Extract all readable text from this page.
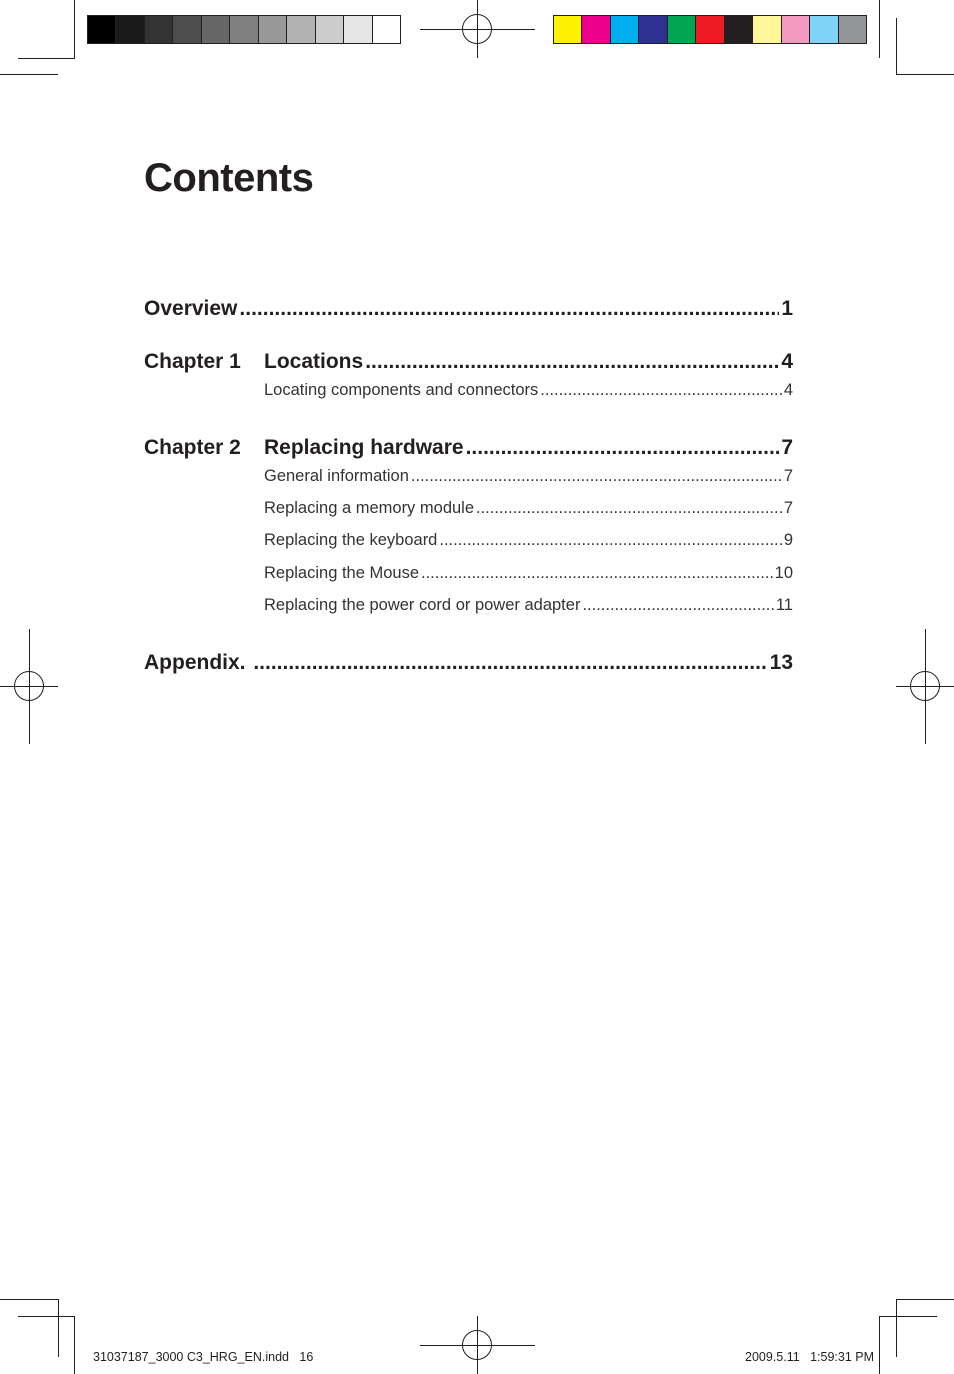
Contents
Overview .....	1
Chapter 1 Locations .....	4
Locating components and connectors .....	4
Chapter 2 Replacing hardware .....	7
General information .....	7
Replacing a memory module .....	7
Replacing the keyboard .....	9
Replacing the Mouse .....	10
Replacing the power cord or power adapter .....	11
Appendix. .....	13
31037187_3000 C3_HRG_EN.indd   16	2009.5.11   1:59:31 PM
